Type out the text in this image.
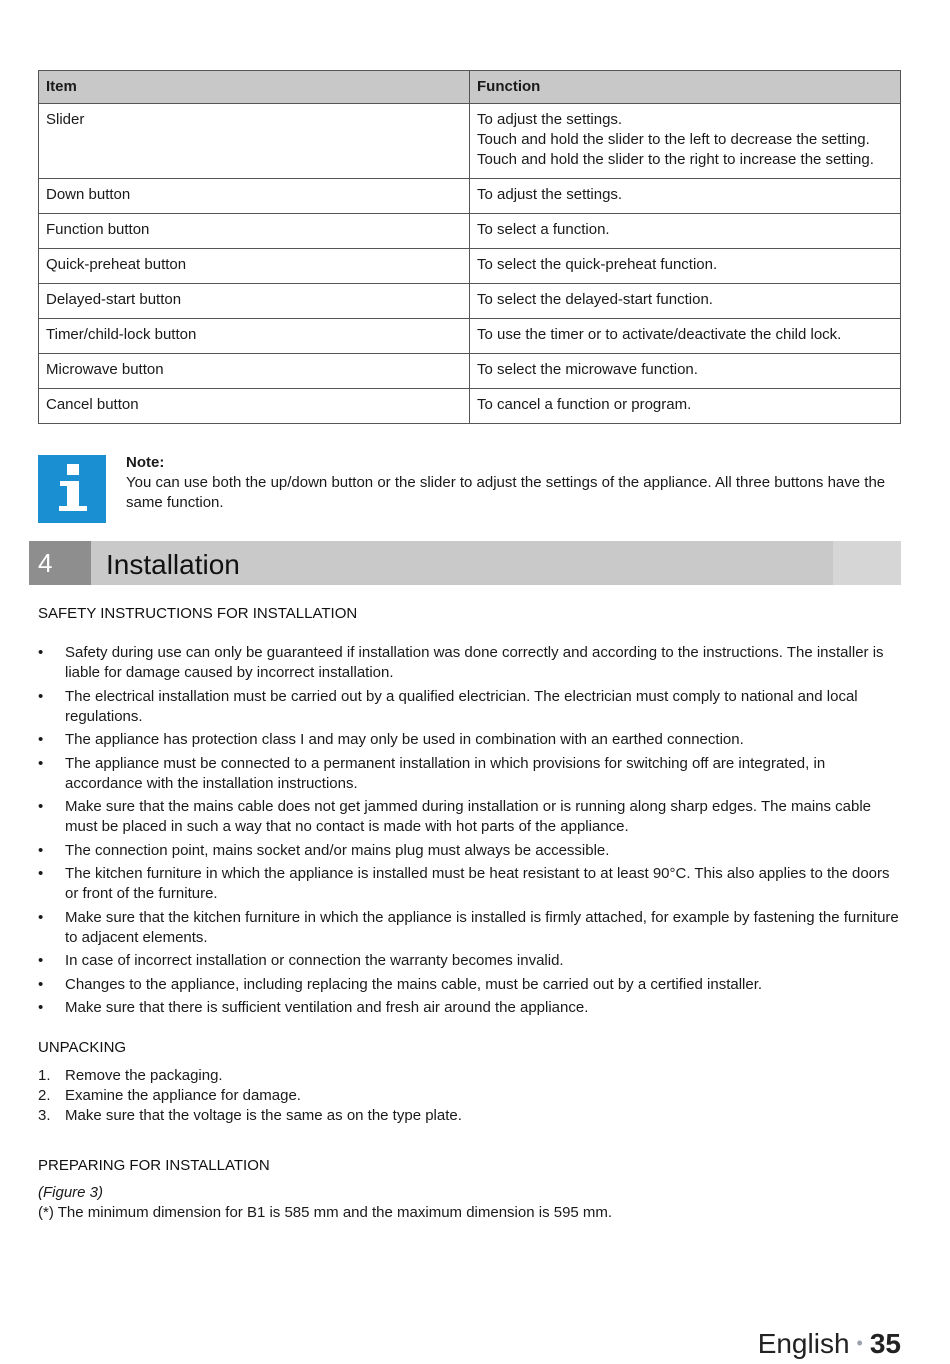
Item	Function
Slider	To adjust the settings.
Touch and hold the slider to the left to decrease the setting.
Touch and hold the slider to the right to increase the setting.

Down button	To adjust the settings.
Function button	To select a function.
Quick-preheat button	To select the quick-preheat function.
Delayed-start button	To select the delayed-start function.
Timer/child-lock button	To use the timer or to activate/deactivate the child lock.
Microwave button	To select the microwave function.
Cancel button	To cancel a function or program.
Note:
You can use both the up/down button or the slider to adjust the settings of the appliance. All three buttons have the same function.
4	Installation
SAFETY INSTRUCTIONS FOR INSTALLATION
• Safety during use can only be guaranteed if installation was done correctly and according to the instructions. The installer is liable for damage caused by incorrect installation.
• The electrical installation must be carried out by a qualified electrician. The electrician must comply to national and local regulations.
• The appliance has protection class I and may only be used in combination with an earthed connection.
• The appliance must be connected to a permanent installation in which provisions for switching off are integrated, in accordance with the installation instructions.
• Make sure that the mains cable does not get jammed during installation or is running along sharp edges. The mains cable must be placed in such a way that no contact is made with hot parts of the appliance.
• The connection point, mains socket and/or mains plug must always be accessible.
• The kitchen furniture in which the appliance is installed must be heat resistant to at least 90°C. This also applies to the doors or front of the furniture.
• Make sure that the kitchen furniture in which the appliance is installed is firmly attached, for example by fastening the furniture to adjacent elements.
• In case of incorrect installation or connection the warranty becomes invalid.
• Changes to the appliance, including replacing the mains cable, must be carried out by a certified installer.
• Make sure that there is sufficient ventilation and fresh air around the appliance.
UNPACKING
1. Remove the packaging.
2. Examine the appliance for damage.
3. Make sure that the voltage is the same as on the type plate.
PREPARING FOR INSTALLATION
(Figure 3)
(*) The minimum dimension for B1 is 585 mm and the maximum dimension is 595 mm.
English • 35
